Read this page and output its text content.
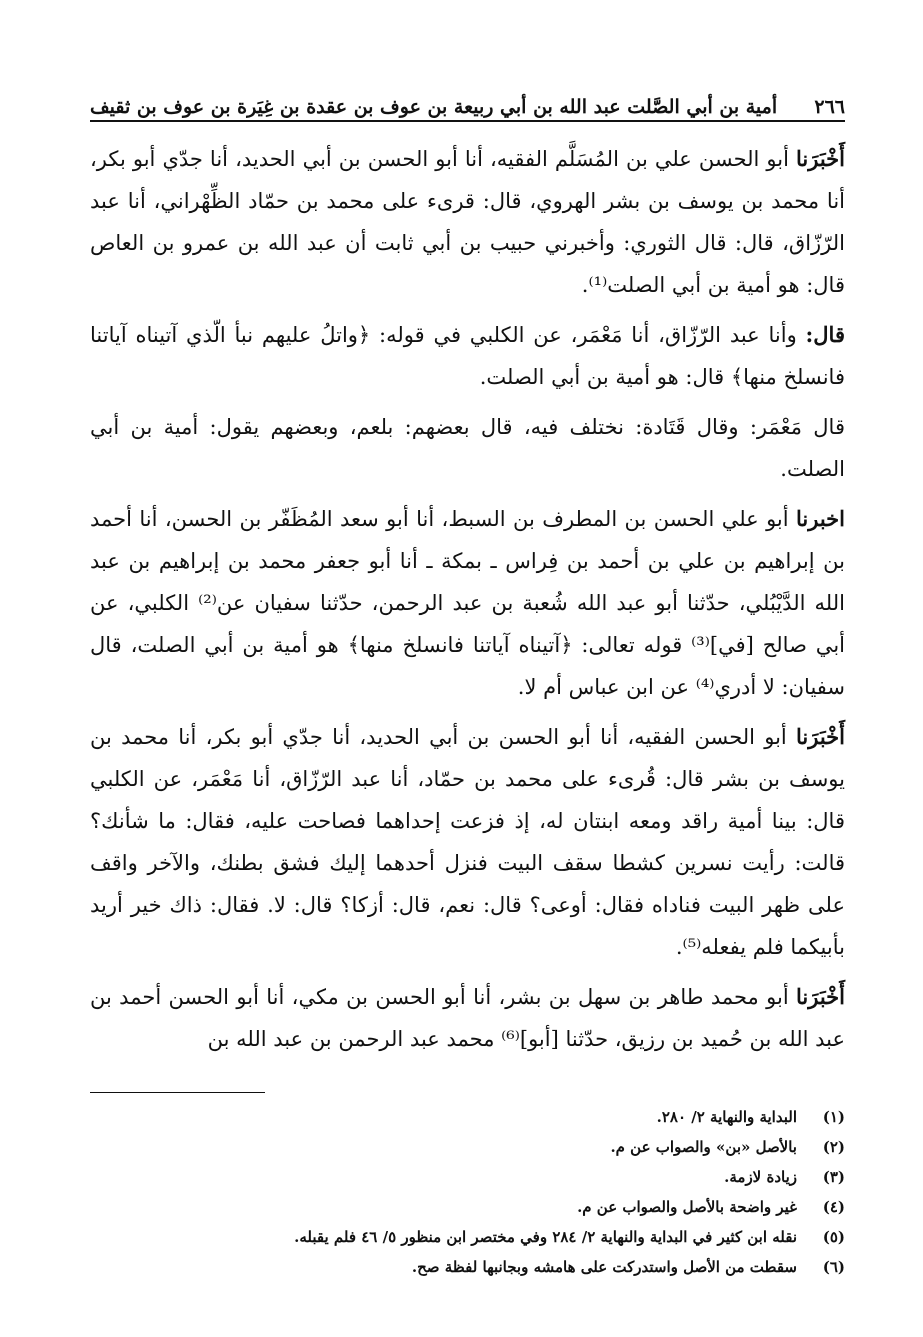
٢٦٦
أمية بن أبي الصَّلت عبد الله بن أبي ربيعة بن عوف بن عقدة بن غِيَرة بن عوف بن ثقيف

أَخْبَرَنا أبو الحسن علي بن المُسَلَّم الفقيه، أنا أبو الحسن بن أبي الحديد، أنا جدّي أبو بكر، أنا محمد بن يوسف بن بشر الهروي، قال: قرىء على محمد بن حمّاد الظِّهْراني، أنا عبد الرّزّاق، قال: قال الثوري: وأخبرني حبيب بن أبي ثابت أن عبد الله بن عمرو بن العاص قال: هو أمية بن أبي الصلت⁽¹⁾.

قال: وأنا عبد الرّزّاق، أنا مَعْمَر، عن الكلبي في قوله: ﴿واتلُ عليهم نبأ الّذي آتيناه آياتنا فانسلخ منها﴾ قال: هو أمية بن أبي الصلت.

قال مَعْمَر: وقال قَتَادة: نختلف فيه، قال بعضهم: بلعم، وبعضهم يقول: أمية بن أبي الصلت.

اخبرنا أبو علي الحسن بن المطرف بن السبط، أنا أبو سعد المُظَفّر بن الحسن، أنا أحمد بن إبراهيم بن علي بن أحمد بن فِراس ـ بمكة ـ أنا أبو جعفر محمد بن إبراهيم بن عبد الله الدَّيْبُلي، حدّثنا أبو عبد الله شُعبة بن عبد الرحمن، حدّثنا سفيان عن⁽²⁾ الكلبي، عن أبي صالح [في]⁽³⁾ قوله تعالى: ﴿آتيناه آياتنا فانسلخ منها﴾ هو أمية بن أبي الصلت، قال سفيان: لا أدري⁽⁴⁾ عن ابن عباس أم لا.

أَخْبَرَنا أبو الحسن الفقيه، أنا أبو الحسن بن أبي الحديد، أنا جدّي أبو بكر، أنا محمد بن يوسف بن بشر قال: قُرىء على محمد بن حمّاد، أنا عبد الرّزّاق، أنا مَعْمَر، عن الكلبي قال: بينا أمية راقد ومعه ابنتان له، إذ فزعت إحداهما فصاحت عليه، فقال: ما شأنك؟ قالت: رأيت نسرين كشطا سقف البيت فنزل أحدهما إليك فشق بطنك، والآخر واقف على ظهر البيت فناداه فقال: أوعى؟ قال: نعم، قال: أزكا؟ قال: لا. فقال: ذاك خير أريد بأبيكما فلم يفعله⁽⁵⁾.

أَخْبَرَنا أبو محمد طاهر بن سهل بن بشر، أنا أبو الحسن بن مكي، أنا أبو الحسن أحمد بن عبد الله بن حُميد بن رزيق، حدّثنا [أبو]⁽⁶⁾ محمد عبد الرحمن بن عبد الله بن

(١)
البداية والنهاية ٢/ ٢٨٠.
(٢)
بالأصل «بن» والصواب عن م.
(٣)
زيادة لازمة.
(٤)
غير واضحة بالأصل والصواب عن م.
(٥)
نقله ابن كثير في البداية والنهاية ٢/ ٢٨٤ وفي مختصر ابن منظور ٥/ ٤٦ فلم يقبله.
(٦)
سقطت من الأصل واستدركت على هامشه وبجانبها لفظة صح.
